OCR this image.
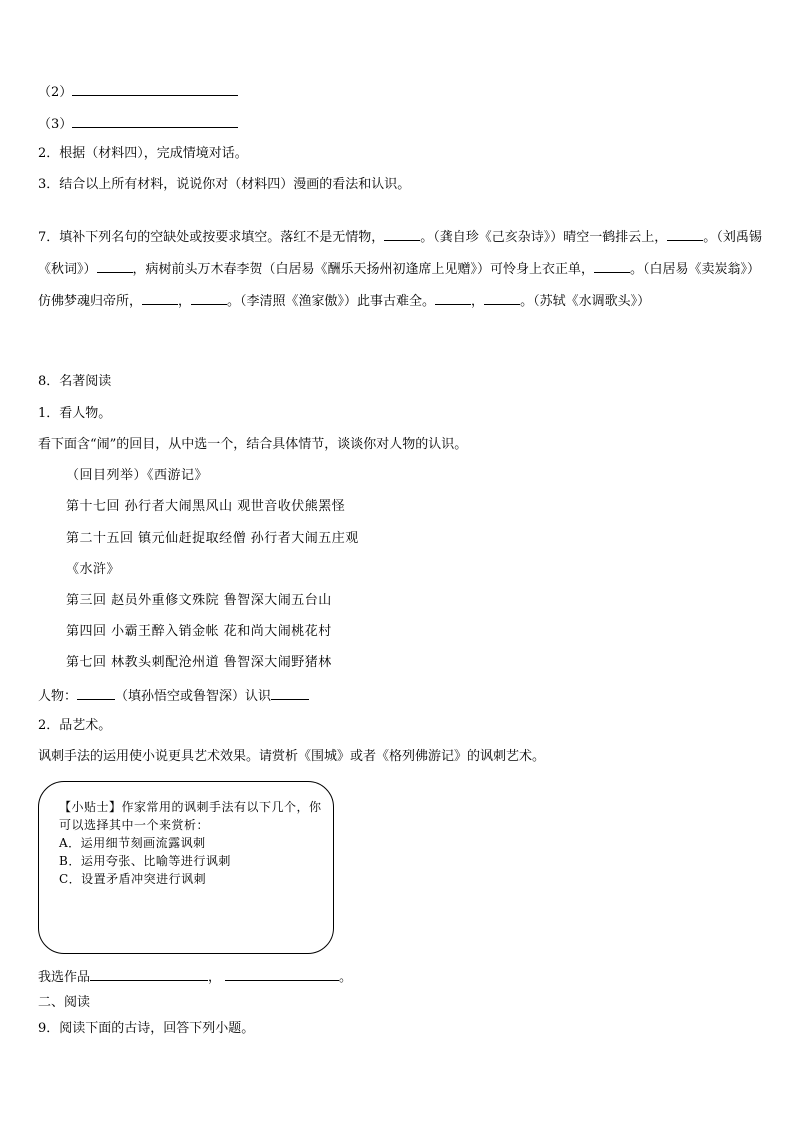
（2）
（3）
2．根据（材料四），完成情境对话。
3．结合以上所有材料，说说你对（材料四）漫画的看法和认识。
7．填补下列名句的空缺处或按要求填空。落红不是无情物，	。（龚自珍《己亥杂诗》）晴空一鹤排云上，	。（刘禹锡《秋词》）	，病树前头万木春李贺（白居易《酬乐天扬州初逢席上见赠》）可怜身上衣正单，	。（白居易《卖炭翁》）仿佛梦魂归帝所，	，	。（李清照《渔家傲》）此事古难全。	，	。（苏轼《水调歌头》）
8．名著阅读
1．看人物。
看下面含“闹”的回目，从中选一个，结合具体情节，谈谈你对人物的认识。
（回目列举）《西游记》
第十七回 孙行者大闹黑风山 观世音收伏熊罴怪
第二十五回 镇元仙赶捉取经僧 孙行者大闹五庄观
《水浒》
第三回 赵员外重修文殊院 鲁智深大闹五台山
第四回 小霸王醉入销金帐 花和尚大闹桃花村
第七回 林教头刺配沧州道 鲁智深大闹野猪林
人物：	（填孙悟空或鲁智深）认识
2．品艺术。
讽刺手法的运用使小说更具艺术效果。请赏析《围城》或者《格列佛游记》的讽刺艺术。
【小贴士】作家常用的讽刺手法有以下几个，你可以选择其中一个来赏析：
A．运用细节刻画流露讽刺
B．运用夸张、比喻等进行讽刺
C．设置矛盾冲突进行讽刺
我选作品	，	。
二、阅读
9．阅读下面的古诗，回答下列小题。
